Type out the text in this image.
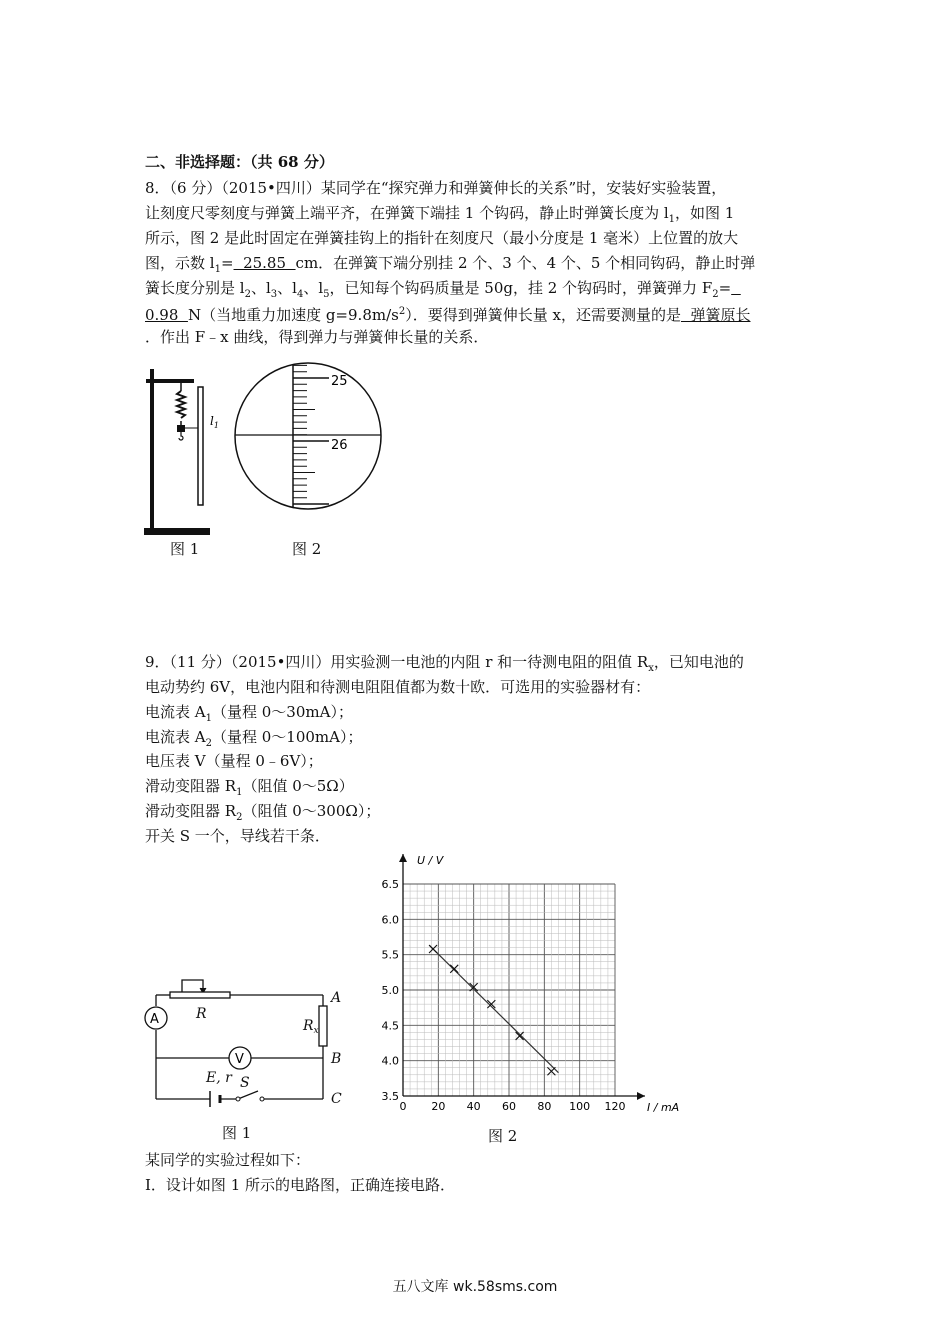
二、非选择题：（共 68 分）
8．（6 分）（2015•四川）某同学在“探究弹力和弹簧伸长的关系”时，安装好实验装置，
让刻度尺零刻度与弹簧上端平齐，在弹簧下端挂 1 个钩码，静止时弹簧长度为 $l_1$，如图 1
所示，图 2 是此时固定在弹簧挂钩上的指针在刻度尺（最小分度是 1 毫米）上位置的放大
图，示数 $l_1= 25.85$  cm．在弹簧下端分别挂 2 个、3 个、4 个、5 个相同钩码，静止时弹
簧长度分别是 $l_2$、$l_3$、$l_4$、$l_5$，已知每个钩码质量是 50g，挂 2 个钩码时，弹簧弹力 $F_2=$
0.98  N（当地重力加速度 $g=9.8m/s^2$）．要得到弹簧伸长量 x，还需要测量的是  弹簧原长
．作出 F﹣x 曲线，得到弹力与弹簧伸长量的关系．
$l_1$
图 1
25
26
图 2
9．（11 分）（2015•四川）用实验测一电池的内阻 r 和一待测电阻的阻值 $R_x$，已知电池的
电动势约 6V，电池内阻和待测电阻阻值都为数十欧．可选用的实验器材有：
电流表 $A_1$（量程 0～30mA）；
电流表 $A_2$（量程 0～100mA）；
电压表 V（量程 0﹣6V）；
滑动变阻器 $R_1$（阻值 0～5Ω）
滑动变阻器 $R_2$（阻值 0～300Ω）；
开关 S 一个，导线若干条．
A
V
R
$R_x$
A
B
C
E, r S
图 1
0 20 40 60 80 100 120
3.5
4.0
4.5
5.0
5.5
6.0
6.5
U / V
I / mA
图 2
某同学的实验过程如下：
Ⅰ．设计如图 1 所示的电路图，正确连接电路．
五八文库 wk.58sms.com
